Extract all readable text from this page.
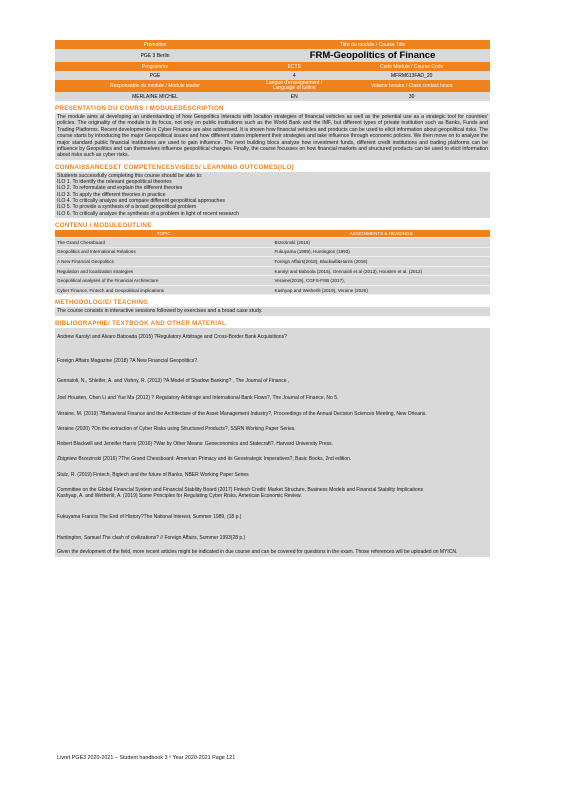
Promotion	Titre du module / Course Title	
PGE 3 Berlin	FRM-Geopolitics of Finance	
Programme	ECTS	Code Module / Course Code
PGE	4	MFRM613FAD_20
Responsable du module / Module leader	Langue d'enseignement / Language of tuition	Volume horaire / Class contact hours
MERLAINE MICHEL	EN	30
PRESENTATION DU COURS / MODULEDESCRIPTION

The module aims at developing an understanding of how Geopolitics interacts with location strategies of financial vehicles as well as the potential use as a strategic tool for countries' policies. The originality of the module is its focus, not only on public institutions such as the World Bank and the IMF, but different types of private institution such as Banks, Funds and Trading Platforms. Recent developments in Cyber Finance are also addressed. It is shown how financial vehicles and products can be used to elicit information about geopolitical risks. The course starts by introducing the major Geopolitical issues and how different states implement their strategies and take influence through economic policies. We then move on to analyze the major standard public financial institutions are used to gain influence. The next building blocs analyze how investment funds, different credit institutions and trading platforms can be influence by Geopolitics and can themselves influence geopolitical changes. Finally, the course focusses on how financial markets and structured products can be used to elicit information about risks such as cyber risks.

CONNAISSANCESET COMPETENCESVISEES/ LEARNING OUTCOMES(ILO)
Students successfully completing this course should be able to:
ILO 1. To identify the relevant geopolitical theories
ILO 2. To reformulate and explain the different theories
ILO 3. To apply the different theories in practice
ILO 4. To critically analyze and compare different geopolitical approaches
ILO 5. To provide a synthesis of a broad geopolitical problem
ILO 6. To critically analyze the synthesis of a problem in light of recent research
CONTENU / MODULEOUTLINE
TOPIC	ASSIGNMENTS & READINGS
The Grand Chessboard	Brzezinski (2016)
Geopolitics and International Relations	Fukuyama (1989), Huntington (1993)
A New Financial Geopolitics	Foreign Affairs(2018), Blackwill&Harris (2016)
Regulation and localization strategies	Karolyi and Baboola (2015), Gennaioli et al (2013), Housten et al. (2012)
Geopolitical analyses of the Financial Architecture	Veraine(2019), CGFS-FSB (2017),
Cyber Finance, Fintech and Geopolitical implications	Kashyap and Wetherlit (2019), Veraine (2020)
METHODOLOGIE/ TEACHING

The course consists in interactive sessions followed by exercises and a broad case study.

BIBLIOGRAPHIE/ TEXTBOOK AND OTHER MATERIAL

Andrew Karolyi and Alvaro Baboada (2015) ?Regulatory Arbitrage and Cross-Border Bank Acquisitions?

Foreign Affairs Magazine (2018) ?A New Financial Geopolitics?.

Gennaioli, N., Shleifer, A. and Vishny, R. (2013) ?A Model of Shadow Banking? , The Journal of Finance ,

Joel Housten, Chen Li and Yue Ma (2012) ? Regulatory Arbitrage and International Bank Flows?, The Journal of Finance, No 5.

Veraine, M. (2019) ?Behavioral Finance and the Architecture of the Asset Management Industry?, Proceedings of the Annual Decision Sciences Meeting, New Orleans.

Veraine (2020) ?On the extraction of Cyber Risks using Structured Products?, SSRN Working Paper Series.

Robert Blackwill and Jennifer Harris (2016) ?War by Other Means: Geoeconomics and Statecraft?, Harvard University Press.

Zbigniew Brzezinski (2016) ?The Grand Chessboard: American Primacy and its Geostrategic Imperatives?, Basic Books, 2nd edition.

Stulz, R. (2019) Fintech, Bigtech and the future of Banks, NBER Working Paper Series

Committee on the Global Financial System and Financial Stability Board (2017) Fintech Credit: Market Structure, Business Models and Financial Stability Implications

Kashyap, A. and Wetherlit, A. (2019) Some Principles for Regulating Cyber Risks, American Economic Review.

Fukuyama Francis The End of History?The National Interest, Summer 1989, (18 p.)

Huntington, Samuel The clash of civilizations? // Foreign Affairs, Summer 1993(28 p.)

Given the devlopment of the field, more recent articles might be indicated in due course and can be covered for questions in the exam. Those references will be uploaded on MYICN.

Livret PGE3 2020-2021 – Student handbook 3 ᵉ Year 2020-2021 Page 121
